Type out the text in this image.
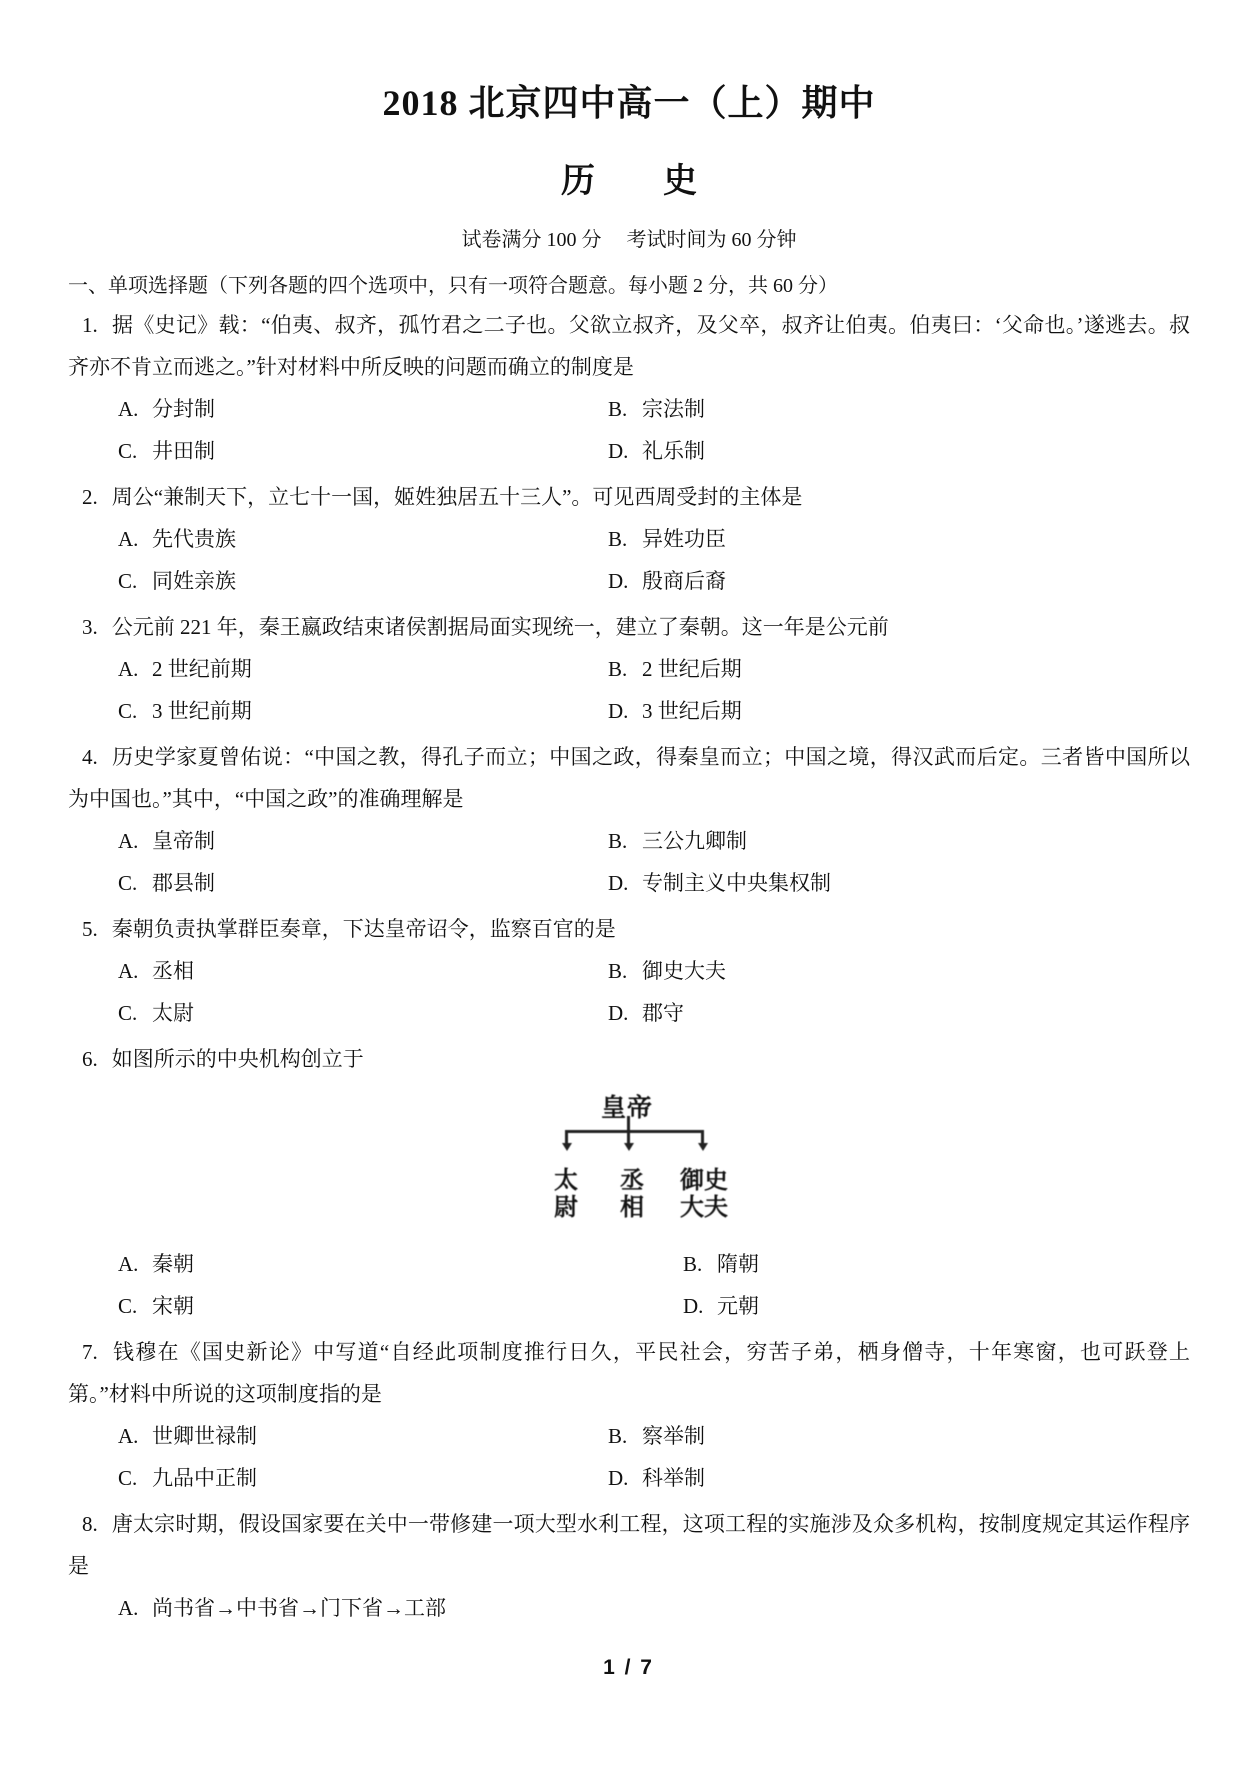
2018 北京四中高一（上）期中
历　　史
试卷满分 100 分　 考试时间为 60 分钟
一、单项选择题（下列各题的四个选项中，只有一项符合题意。每小题 2 分，共 60 分）

1. 据《史记》载：“伯夷、叔齐，孤竹君之二子也。父欲立叔齐，及父卒，叔齐让伯夷。伯夷曰：‘父命也。’遂逃去。叔齐亦不肯立而逃之。”针对材料中所反映的问题而确立的制度是

A. 分封制	B. 宗法制
C. 井田制	D. 礼乐制

2. 周公“兼制天下，立七十一国，姬姓独居五十三人”。可见西周受封的主体是

A. 先代贵族	B. 异姓功臣
C. 同姓亲族	D. 殷商后裔

3. 公元前 221 年，秦王嬴政结束诸侯割据局面实现统一，建立了秦朝。这一年是公元前

A. 2 世纪前期	B. 2 世纪后期
C. 3 世纪前期	D. 3 世纪后期

4. 历史学家夏曾佑说：“中国之教，得孔子而立；中国之政，得秦皇而立；中国之境，得汉武而后定。三者皆中国所以为中国也。”其中，“中国之政”的准确理解是

A. 皇帝制	B. 三公九卿制
C. 郡县制	D. 专制主义中央集权制

5. 秦朝负责执掌群臣奏章，下达皇帝诏令，监察百官的是

A. 丞相	B. 御史大夫
C. 太尉	D. 郡守

6. 如图所示的中央机构创立于

皇帝
太尉
丞相
御史大夫
A. 秦朝	B. 隋朝
C. 宋朝	D. 元朝

7. 钱穆在《国史新论》中写道“自经此项制度推行日久，平民社会，穷苦子弟，栖身僧寺，十年寒窗，也可跃登上第。”材料中所说的这项制度指的是

A. 世卿世禄制	B. 察举制
C. 九品中正制	D. 科举制

8. 唐太宗时期，假设国家要在关中一带修建一项大型水利工程，这项工程的实施涉及众多机构，按制度规定其运作程序是

A. 尚书省→中书省→门下省→工部
1 / 7
